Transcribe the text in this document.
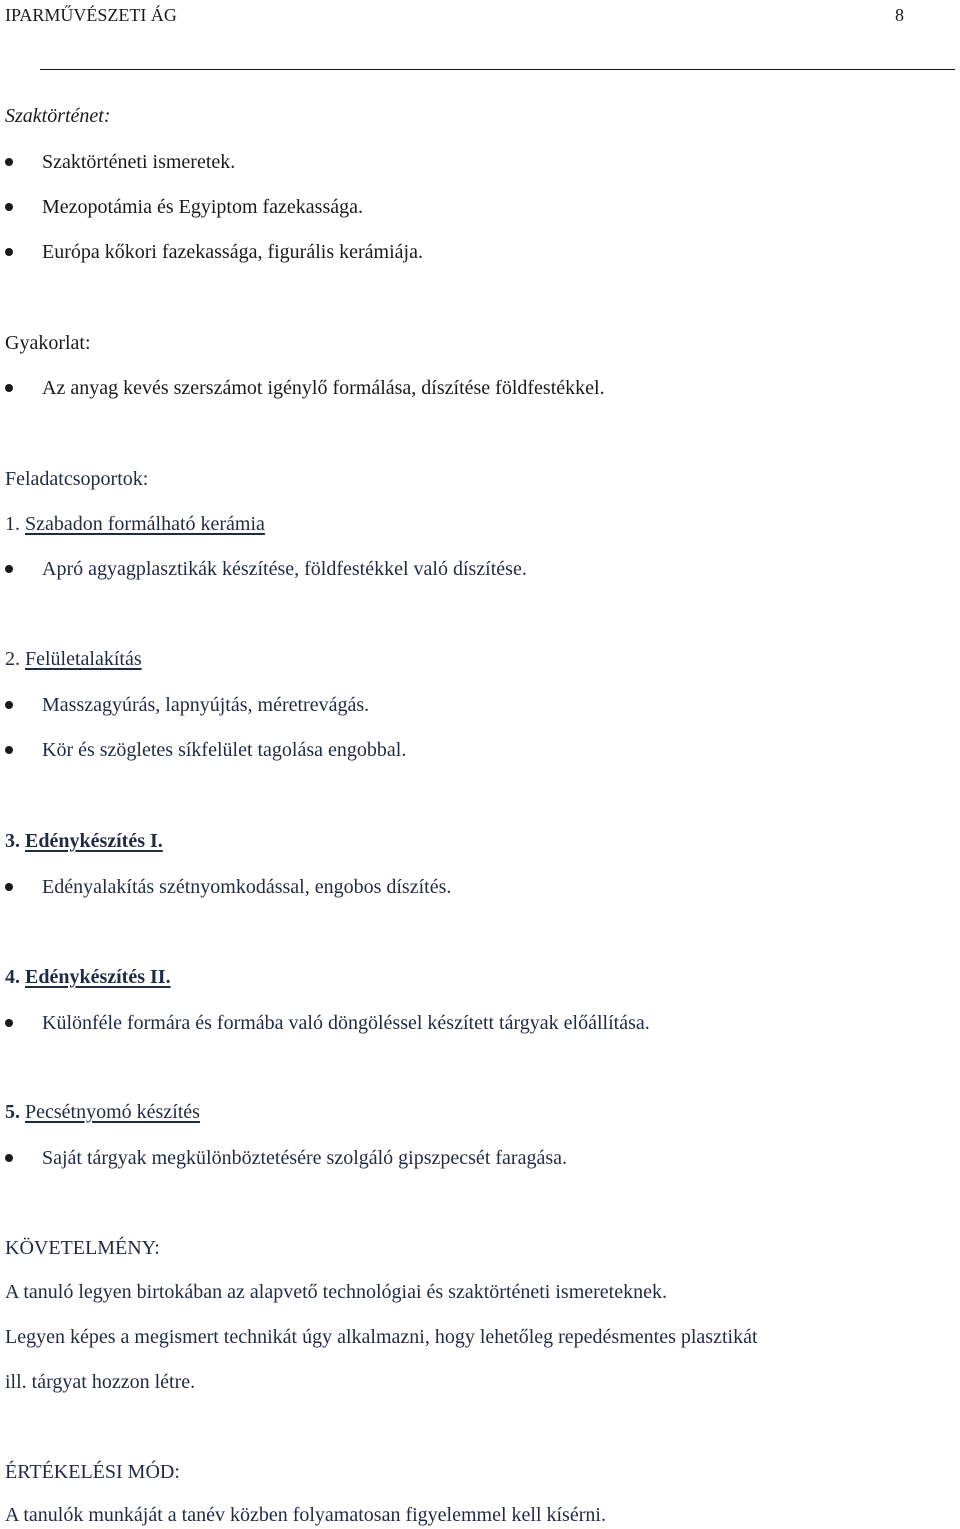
IPARMŰVÉSZETI ÁG	8
Szaktörténet:
Szaktörténeti ismeretek.
Mezopotámia és Egyiptom fazekassága.
Európa kőkori fazekassága, figurális kerámiája.
Gyakorlat:
Az anyag kevés szerszámot igénylő formálása, díszítése földfestékkel.
Feladatcsoportok:
1. Szabadon formálható kerámia
Apró agyagplasztikák készítése, földfestékkel való díszítése.
2. Felületalakítás
Masszagyúrás, lapnyújtás, méretrevágás.
Kör és szögletes síkfelület tagolása engobbal.
3. Edénykészítés I.
Edényalakítás szétnyomkodással, engobos díszítés.
4. Edénykészítés II.
Különféle formára és formába való döngöléssel készített tárgyak előállítása.
5. Pecsétnyomó készítés
Saját tárgyak megkülönböztetésére szolgáló gipszpecsét faragása.
KÖVETELMÉNY:
A tanuló legyen birtokában az alapvető technológiai és szaktörténeti ismereteknek.
Legyen képes a megismert technikát úgy alkalmazni, hogy lehetőleg repedésmentes plasztikát
ill. tárgyat hozzon létre.
ÉRTÉKELÉSI MÓD:
A tanulók munkáját a tanév közben folyamatosan figyelemmel kell kísérni.
